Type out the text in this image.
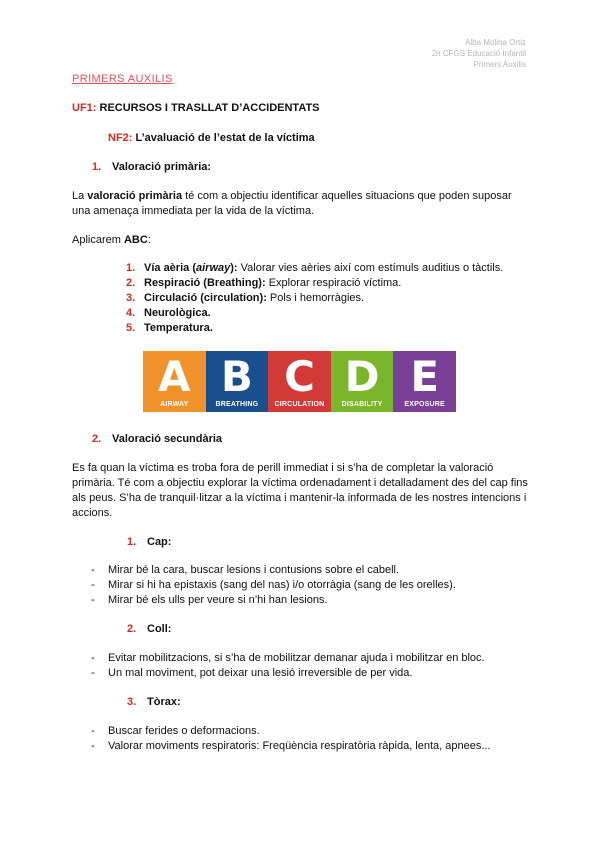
Alba Molina Ortiz
2n CFGS Educació Infantil
Primers Auxilis
PRIMERS AUXILIS
UF1: RECURSOS I TRASLLAT D’ACCIDENTATS
NF2: L’avaluació de l’estat de la víctima
1. Valoració primària:

La valoració primària té com a objectiu identificar aquelles situacions que poden suposar una amenaça immediata per la vida de la víctima.

Aplicarem ABC:

1. Vía aèria (airway): Valorar vies aèries així com estímuls auditius o tàctils.
2. Respiració (Breathing): Explorar respiració víctima.
3. Circulació (circulation): Pols i hemorràgies.
4. Neurològica.
5. Temperatura.
A
AIRWAY
B
BREATHING
C
CIRCULATION
D
DISABILITY
E
EXPOSURE
2. Valoració secundària

Es fa quan la víctima es troba fora de perill immediat i si s’ha de completar la valoració primària. Té com a objectiu explorar la víctima ordenadament i detalladament des del cap fins als peus. S’ha de tranquil·litzar a la víctima i mantenir-la informada de les nostres intencions i accions.

1. Cap:
- Mirar bé la cara, buscar lesions i contusions sobre el cabell.
- Mirar si hi ha epistaxis (sang del nas) i/o otorràgia (sang de les orelles).
- Mirar bé els ulls per veure si n’hi han lesions.
2. Coll:
- Evitar mobilitzacions, si s’ha de mobilitzar demanar ajuda i mobilitzar en bloc.
- Un mal moviment, pot deixar una lesió irreversible de per vida.
3. Tòrax:
- Buscar ferides o deformacions.
- Valorar moviments respiratoris: Freqüència respiratòria ràpida, lenta, apnees...
